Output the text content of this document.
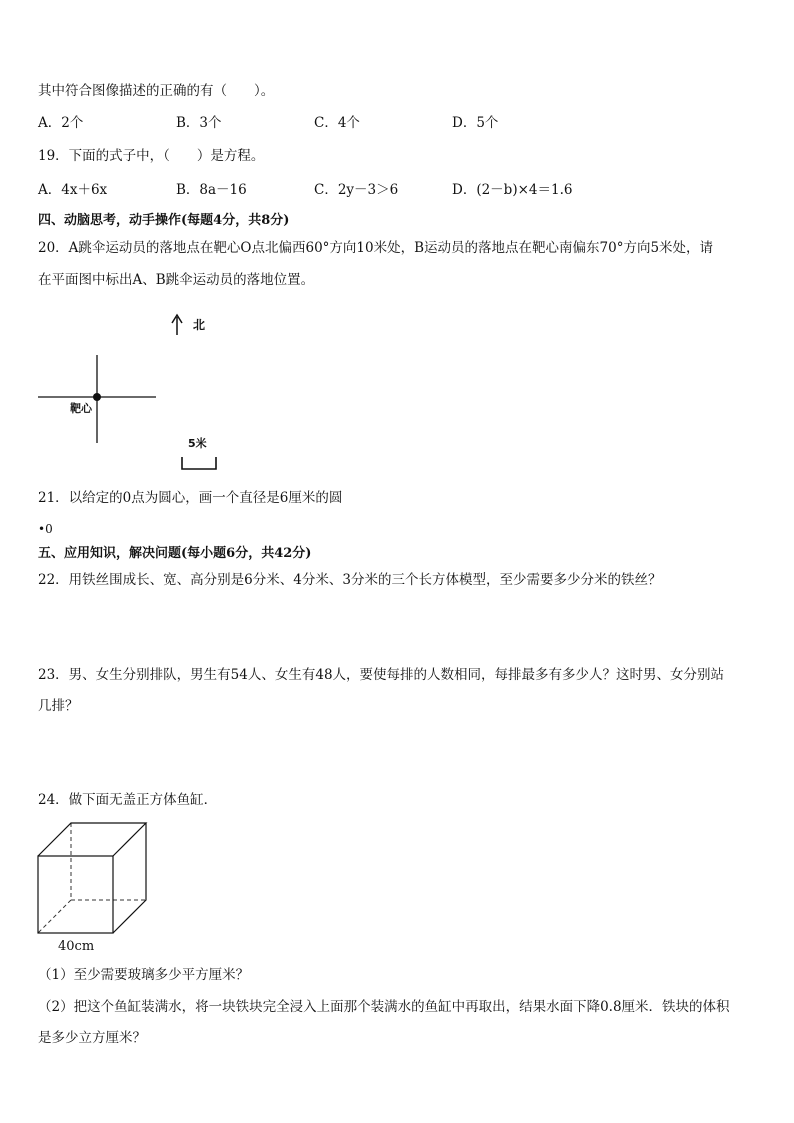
其中符合图像描述的正确的有（　　）。
A．2个	B．3个	C．4个	D．5个
19．下面的式子中，（　　）是方程。
A．4x＋6x	B．8a－16	C．2y－3＞6	D．(2－b)×4＝1.6
四、动脑思考，动手操作(每题4分，共8分)
20．A跳伞运动员的落地点在靶心O点北偏西60°方向10米处，B运动员的落地点在靶心南偏东70°方向5米处，请
在平面图中标出A、B跳伞运动员的落地位置。
北
靶心
5米
21．以给定的0点为圆心，画一个直径是6厘米的圆
•0
五、应用知识，解决问题(每小题6分，共42分)
22．用铁丝围成长、宽、高分别是6分米、4分米、3分米的三个长方体模型，至少需要多少分米的铁丝？
23．男、女生分别排队，男生有54人、女生有48人，要使每排的人数相同，每排最多有多少人？这时男、女分别站
几排？
24．做下面无盖正方体鱼缸．
40cm
（1）至少需要玻璃多少平方厘米？
（2）把这个鱼缸装满水，将一块铁块完全浸入上面那个装满水的鱼缸中再取出，结果水面下降0.8厘米．铁块的体积
是多少立方厘米？
